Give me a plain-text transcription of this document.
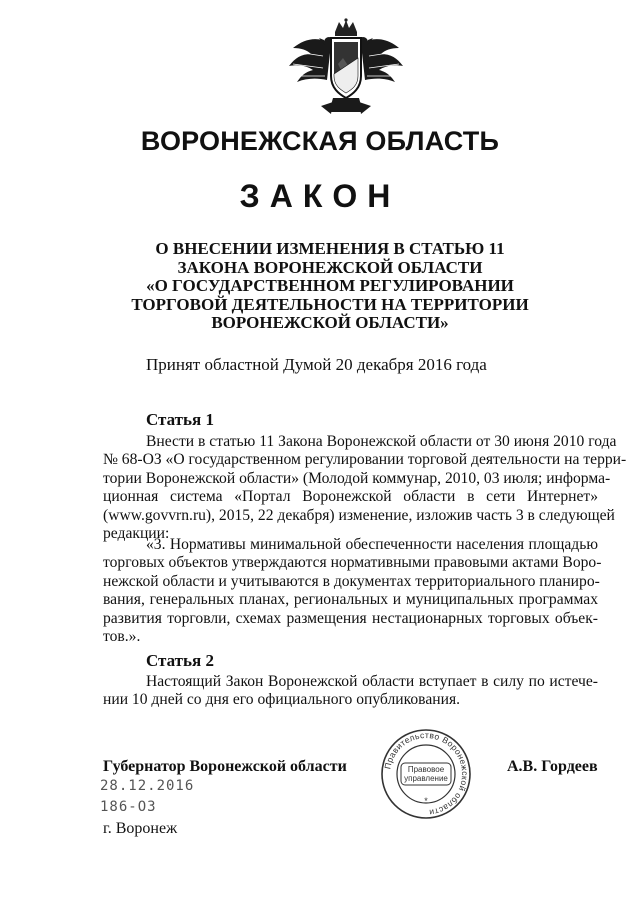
ВОРОНЕЖСКАЯ ОБЛАСТЬ
ЗАКОН
О ВНЕСЕНИИ ИЗМЕНЕНИЯ В СТАТЬЮ 11
ЗАКОНА ВОРОНЕЖСКОЙ ОБЛАСТИ
«О ГОСУДАРСТВЕННОМ РЕГУЛИРОВАНИИ
ТОРГОВОЙ ДЕЯТЕЛЬНОСТИ НА ТЕРРИТОРИИ
ВОРОНЕЖСКОЙ ОБЛАСТИ»
Принят областной Думой 20 декабря 2016 года
Статья 1
Внести в статью 11 Закона Воронежской области от 30 июня 2010 года
№ 68-ОЗ «О государственном регулировании торговой деятельности на терри-
тории Воронежской области» (Молодой коммунар, 2010, 03 июля; информа-
ционная система «Портал Воронежской области в сети Интернет»
(www.govvrn.ru), 2015, 22 декабря) изменение, изложив часть 3 в следующей
редакции:
«3. Нормативы минимальной обеспеченности населения площадью
торговых объектов утверждаются нормативными правовыми актами Воро-
нежской области и учитываются в документах территориального планиро-
вания, генеральных планах, региональных и муниципальных программах
развития торговли, схемах размещения нестационарных торговых объек-
тов.».
Статья 2
Настоящий Закон Воронежской области вступает в силу по истече-
нии 10 дней со дня его официального опубликования.
Губернатор Воронежской области
28.12.2016
186-ОЗ
г. Воронеж
Правительство Воронежской области
Правовое
управление
*
А.В. Гордеев
